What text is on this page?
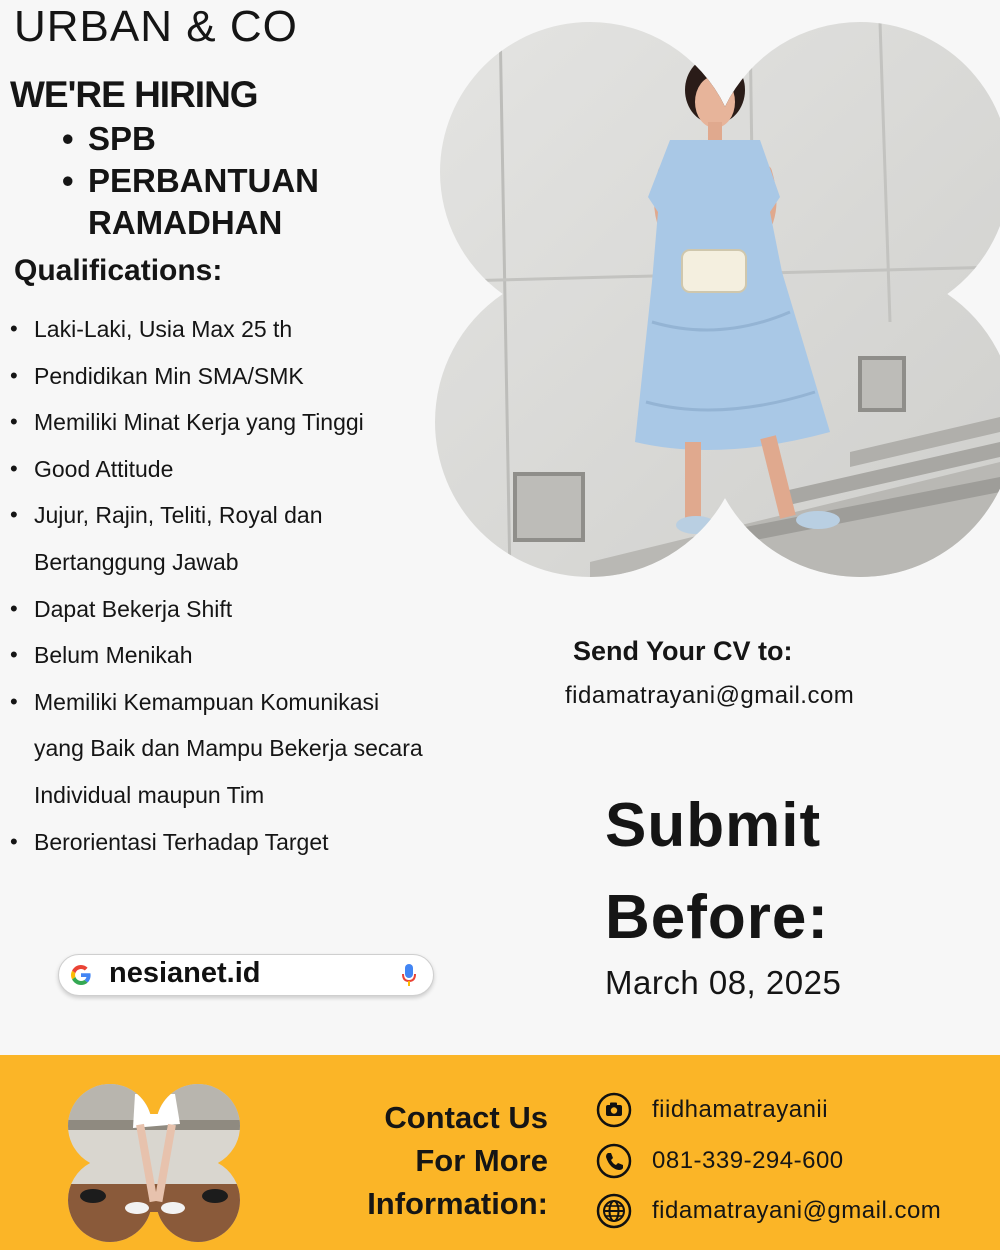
URBAN & CO
WE'RE HIRING
• SPB
• PERBANTUAN
RAMADHAN
Qualifications:
• Laki-Laki, Usia Max 25 th
• Pendidikan Min SMA/SMK
• Memiliki Minat Kerja yang Tinggi
• Good Attitude
• Jujur, Rajin, Teliti, Royal dan
Bertanggung Jawab
• Dapat Bekerja Shift
• Belum Menikah
• Memiliki Kemampuan Komunikasi
yang Baik dan Mampu Bekerja secara
Individual maupun Tim
• Berorientasi Terhadap Target
Send Your CV to:
fidamatrayani@gmail.com
Submit
Before:
March 08, 2025
nesianet.id
Contact Us
For More
Information:
fiidhamatrayanii
081-339-294-600
fidamatrayani@gmail.com
